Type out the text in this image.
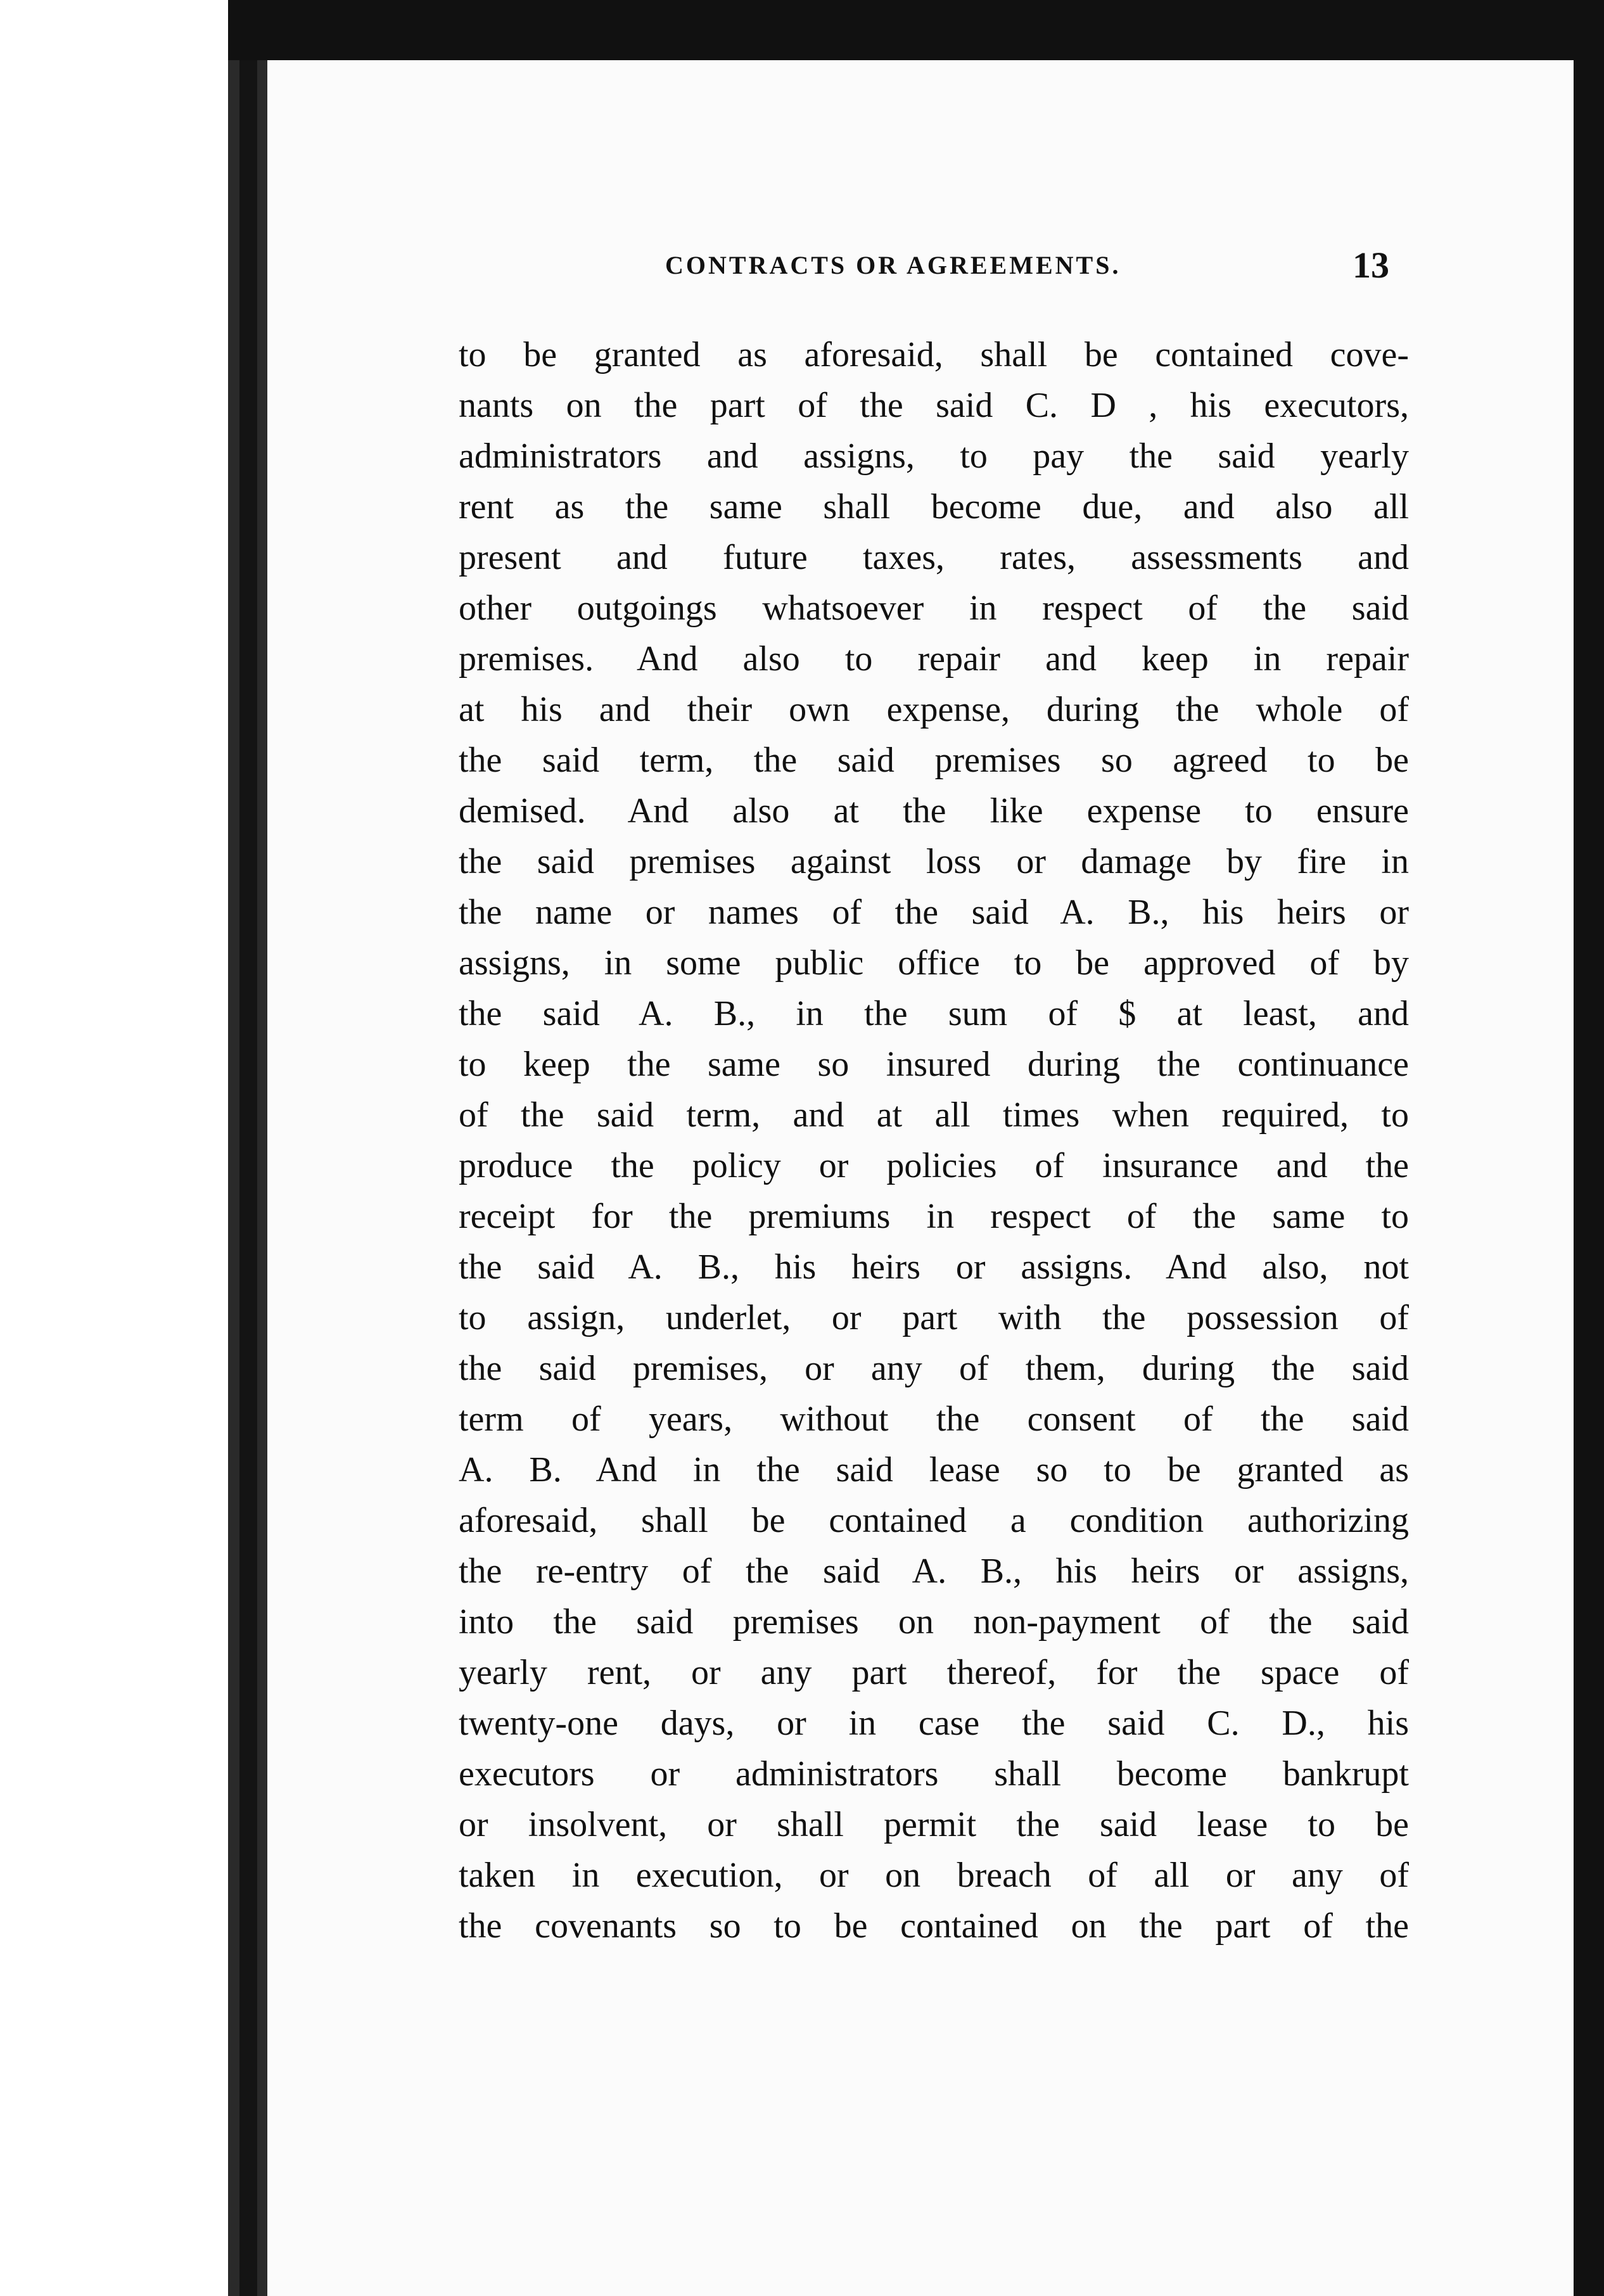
CONTRACTS OR AGREEMENTS.	13
to be granted as aforesaid, shall be contained cove-
nants on the part of the said C. D , his executors,
administrators and assigns, to pay the said yearly
rent as the same shall become due, and also all
present and future taxes, rates, assessments and
other outgoings whatsoever in respect of the said
premises. And also to repair and keep in repair
at his and their own expense, during the whole of
the said term, the said premises so agreed to be
demised. And also at the like expense to ensure
the said premises against loss or damage by fire in
the name or names of the said A. B., his heirs or
assigns, in some public office to be approved of by
the said A. B., in the sum of $ at least, and
to keep the same so insured during the continuance
of the said term, and at all times when required, to
produce the policy or policies of insurance and the
receipt for the premiums in respect of the same to
the said A. B., his heirs or assigns. And also, not
to assign, underlet, or part with the possession of
the said premises, or any of them, during the said
term of years, without the consent of the said
A. B. And in the said lease so to be granted as
aforesaid, shall be contained a condition authorizing
the re-entry of the said A. B., his heirs or assigns,
into the said premises on non-payment of the said
yearly rent, or any part thereof, for the space of
twenty-one days, or in case the said C. D., his
executors or administrators shall become bankrupt
or insolvent, or shall permit the said lease to be
taken in execution, or on breach of all or any of
the covenants so to be contained on the part of the
